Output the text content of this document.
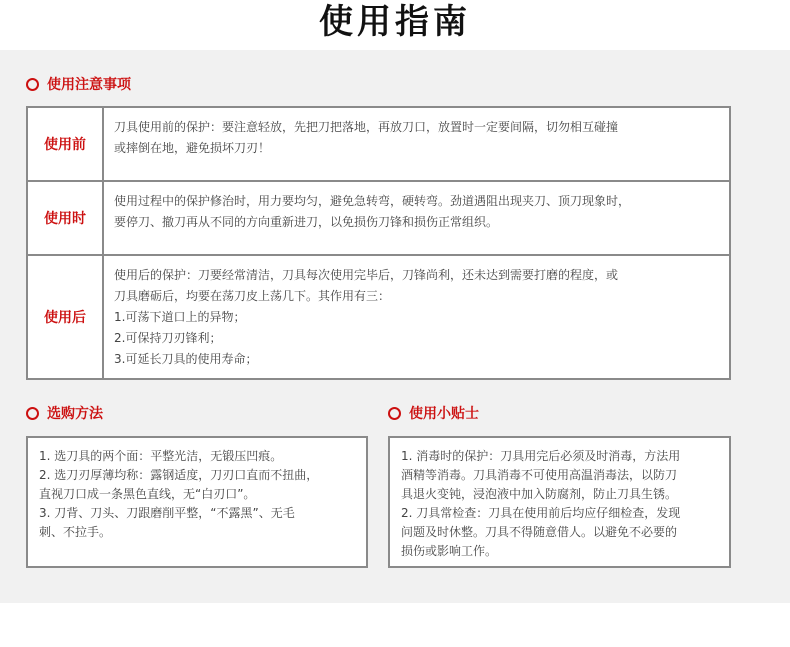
使用指南
使用注意事项
使用前

刀具使用前的保护：要注意轻放，先把刀把落地，再放刀口，放置时一定要间隔，切勿相互碰撞

或摔倒在地，避免损坏刀刃！

使用时

使用过程中的保护修治时，用力要均匀，避免急转弯，硬转弯。劲道遇阻出现夹刀、顶刀现象时，

要停刀、撤刀再从不同的方向重新进刀，以免损伤刀锋和损伤正常组织。

使用后

使用后的保护：刀要经常清洁，刀具每次使用完毕后，刀锋尚利，还未达到需要打磨的程度，或

刀具磨砺后，均要在荡刀皮上荡几下。其作用有三：

1.可荡下道口上的异物；

2.可保持刀刃锋利；

3.可延长刀具的使用寿命；

选购方法

1. 选刀具的两个面：平整光洁，无锻压凹痕。

2. 选刀刃厚薄均称：露钢适度，刀刃口直而不扭曲，

直视刀口成一条黑色直线，无“白刃口”。

3. 刀背、刀头、刀跟磨削平整，“不露黑”、无毛

刺、不拉手。

使用小贴士

1. 消毒时的保护：刀具用完后必须及时消毒，方法用

酒精等消毒。刀具消毒不可使用高温消毒法，以防刀

具退火变钝，浸泡液中加入防腐剂，防止刀具生锈。

2. 刀具常检查：刀具在使用前后均应仔细检查，发现

问题及时休整。刀具不得随意借人。以避免不必要的

损伤或影响工作。
